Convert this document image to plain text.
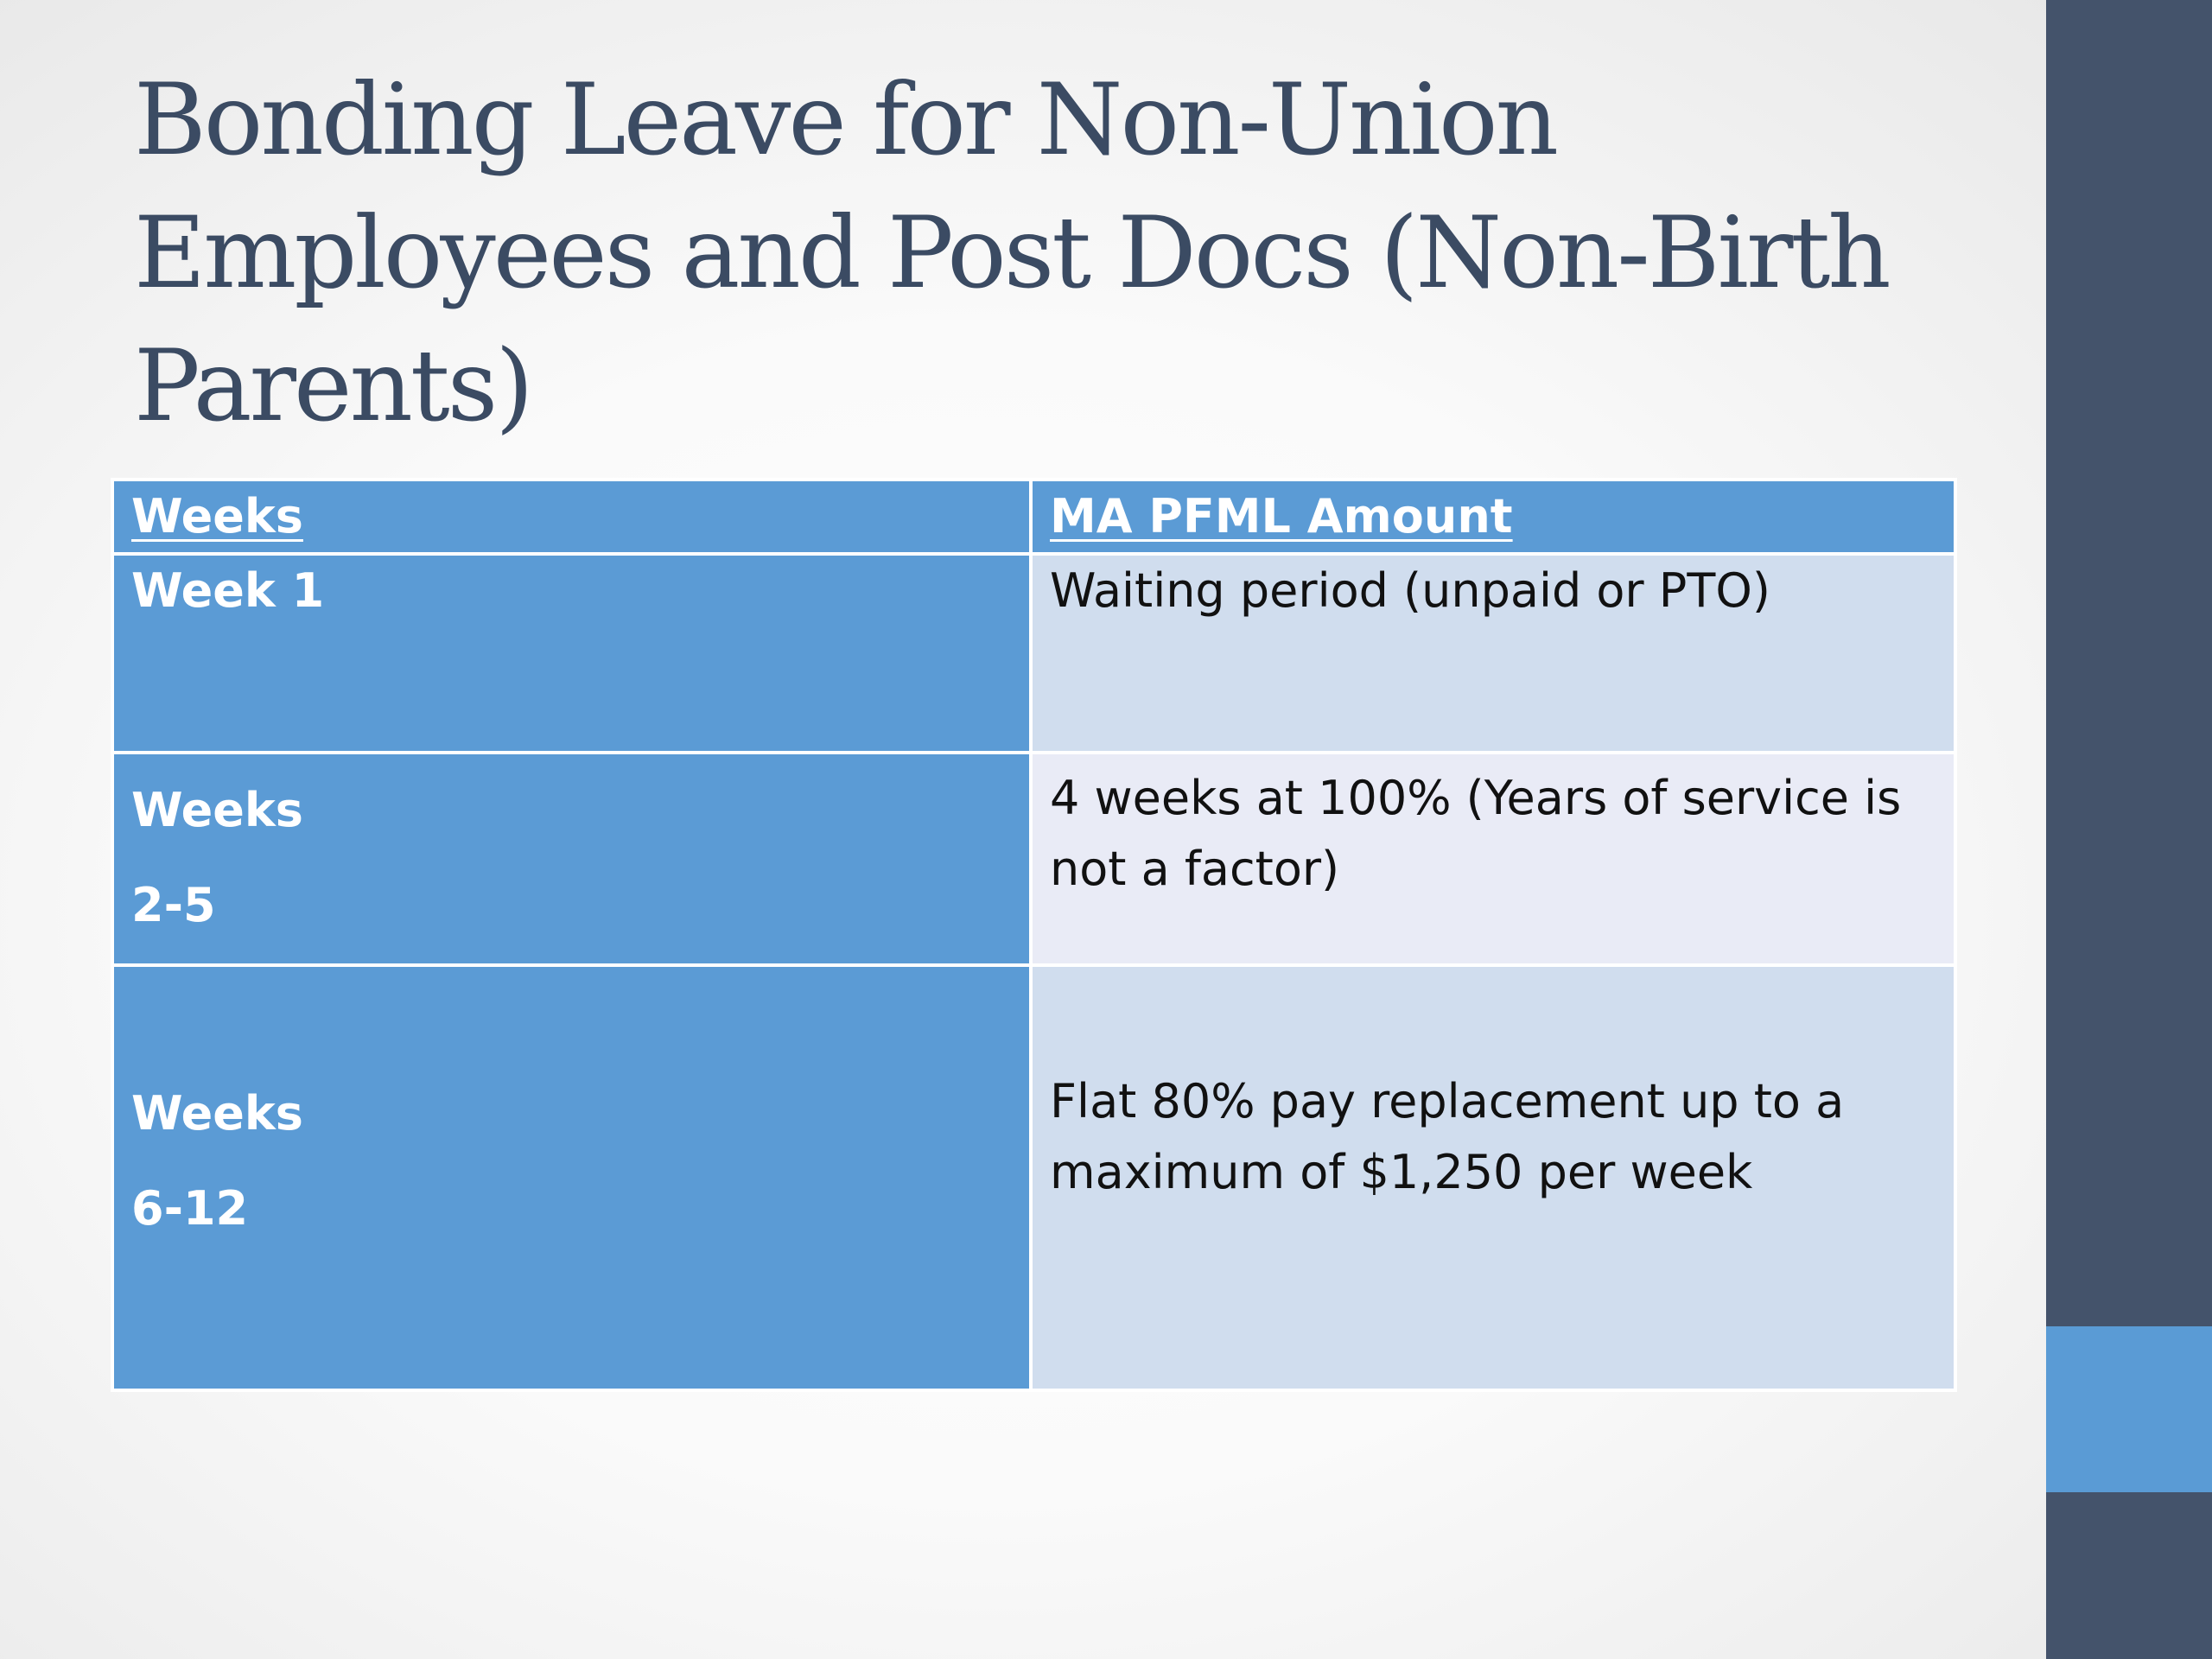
Bonding Leave for Non-Union Employees and Post Docs (Non-Birth Parents)
Weeks	MA PFML Amount

Week 1	Waiting period (unpaid or PTO)

Weeks
2-5	4 weeks at 100% (Years of service is not a factor)

Weeks
6-12	Flat 80% pay replacement up to a maximum of $1,250 per week
